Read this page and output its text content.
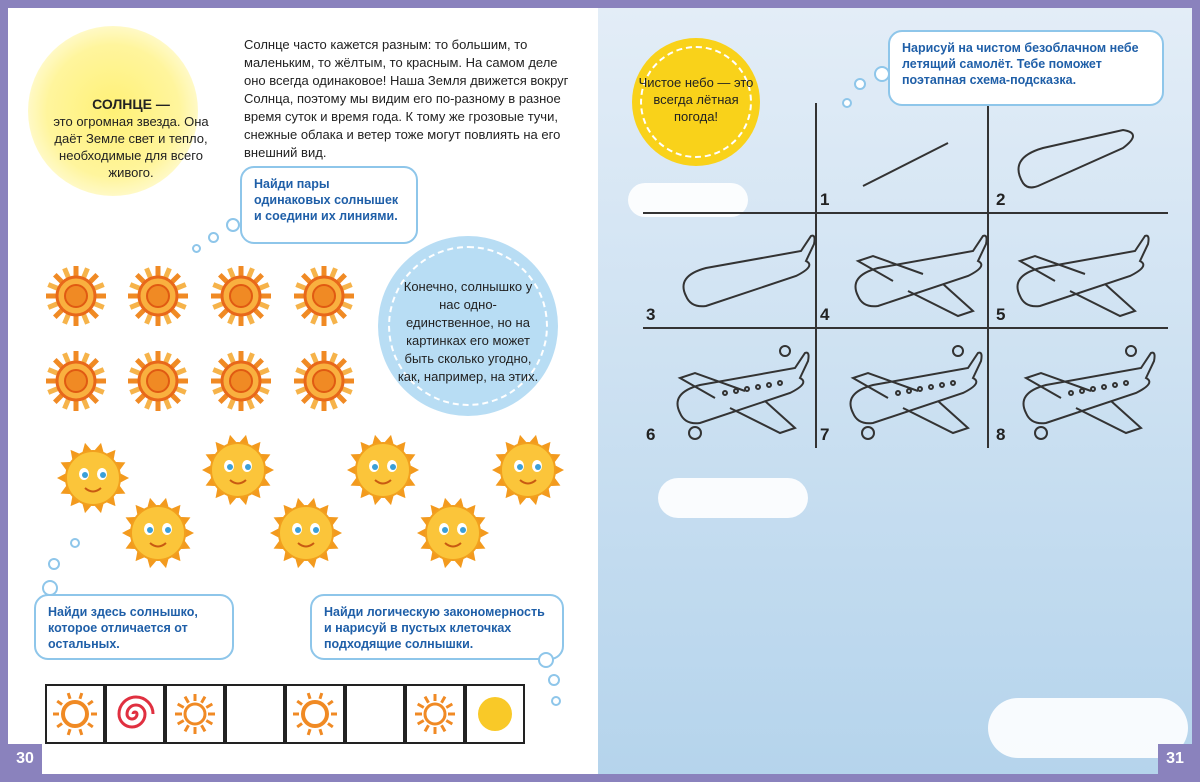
СОЛНЦЕ —
это огромная звезда. Она даёт Земле свет и тепло, необходимые для всего живого.
Солнце часто кажется разным: то большим, то маленьким, то жёлтым, то красным. На самом деле оно всегда одинаковое! Наша Земля движется вокруг Солнца, поэтому мы видим его по-разному в разное время суток и время года. К тому же грозовые тучи, снежные облака и ветер тоже могут повлиять на его внешний вид.
Найди пары одинаковых солнышек и соедини их линиями.
Конечно, солнышко у нас одно-единственное, но на картинках его может быть сколько угодно, как, например, на этих.
Найди здесь солнышко, которое отличается от остальных.
Найди логическую закономерность и нарисуй в пустых клеточках подходящие солнышки.
30
1	2
3	4	5
6	7	8
Нарисуй на чистом безоблачном небе летящий самолёт. Тебе поможет поэтапная схема-подсказка.
31
Чистое небо — это всегда лётная погода!
